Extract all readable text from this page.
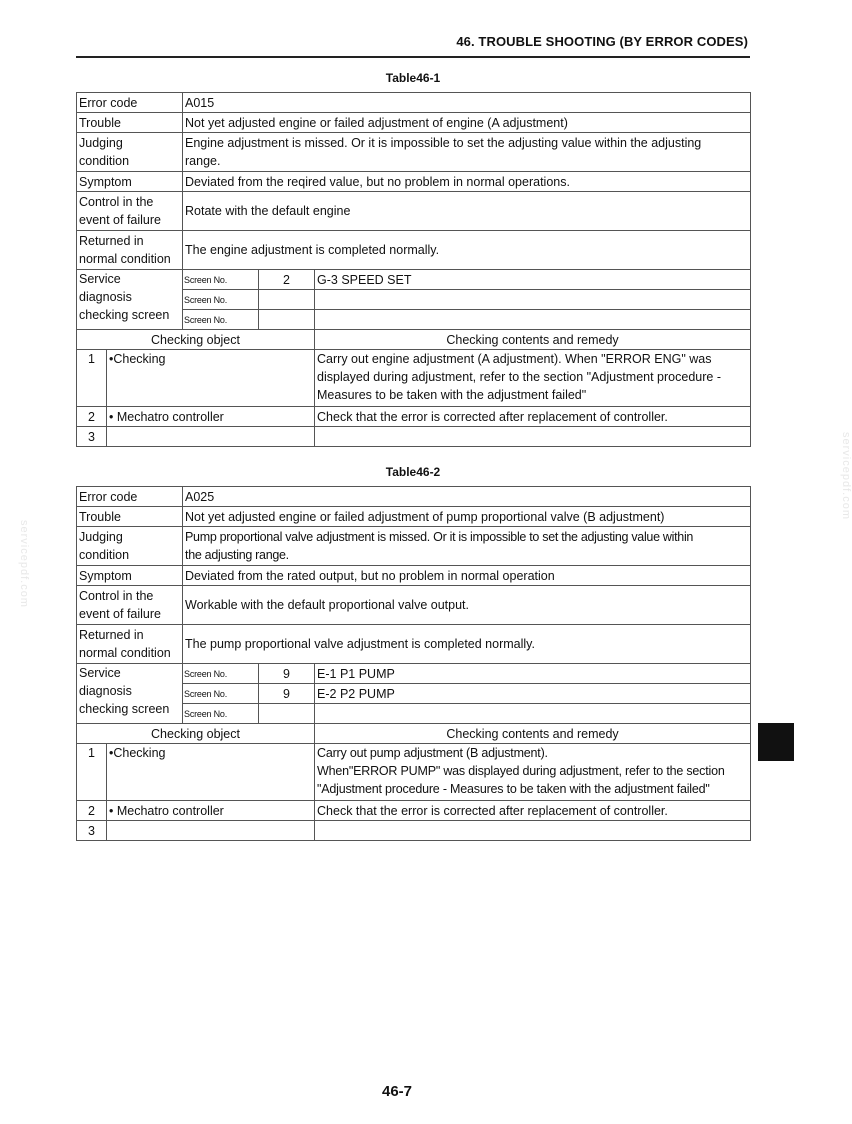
46. TROUBLE SHOOTING (BY ERROR CODES)
servicepdf.com
servicepdf.com
Table46-1
Error code		A015		
Trouble		Not yet adjusted engine or failed adjustment of engine (A adjustment)		
Judging
condition		Engine adjustment is missed. Or it is impossible to set the adjusting value within the adjusting
range.		
Symptom		Deviated from the reqired value, but no problem in normal operations.		
Control in the
event of failure		Rotate with the default engine		
Returned in
normal condition		The engine adjustment is completed normally.		
Service
diagnosis
checking screen		Screen No.	2	G-3 SPEED SET
		Screen No.		
		Screen No.		
Checking object				Checking contents and remedy
1	•Checking			Carry out engine adjustment (A adjustment). When "ERROR ENG" was
displayed during adjustment, refer to the section "Adjustment procedure -
Measures to be taken with the adjustment failed"
2	• Mechatro controller			Check that the error is corrected after replacement of controller.
3				
Table46-2
Error code		A025		
Trouble		Not yet adjusted engine or failed adjustment of pump proportional valve (B adjustment)		
Judging
condition		Pump proportional valve adjustment is missed. Or it is impossible to set the adjusting value within
the adjusting range.		
Symptom		Deviated from the rated output, but no problem in normal operation		
Control in the
event of failure		Workable with the default proportional valve output.		
Returned in
normal condition		The pump proportional valve adjustment is completed normally.		
Service
diagnosis
checking screen		Screen No.	9	E-1 P1 PUMP
		Screen No.	9	E-2 P2 PUMP
		Screen No.		
Checking object				Checking contents and remedy
1	•Checking			Carry out pump adjustment (B adjustment).
When"ERROR PUMP" was displayed during adjustment, refer to the section
"Adjustment procedure - Measures to be taken with the adjustment failed"
2	• Mechatro controller			Check that the error is corrected after replacement of controller.
3				
46-7
